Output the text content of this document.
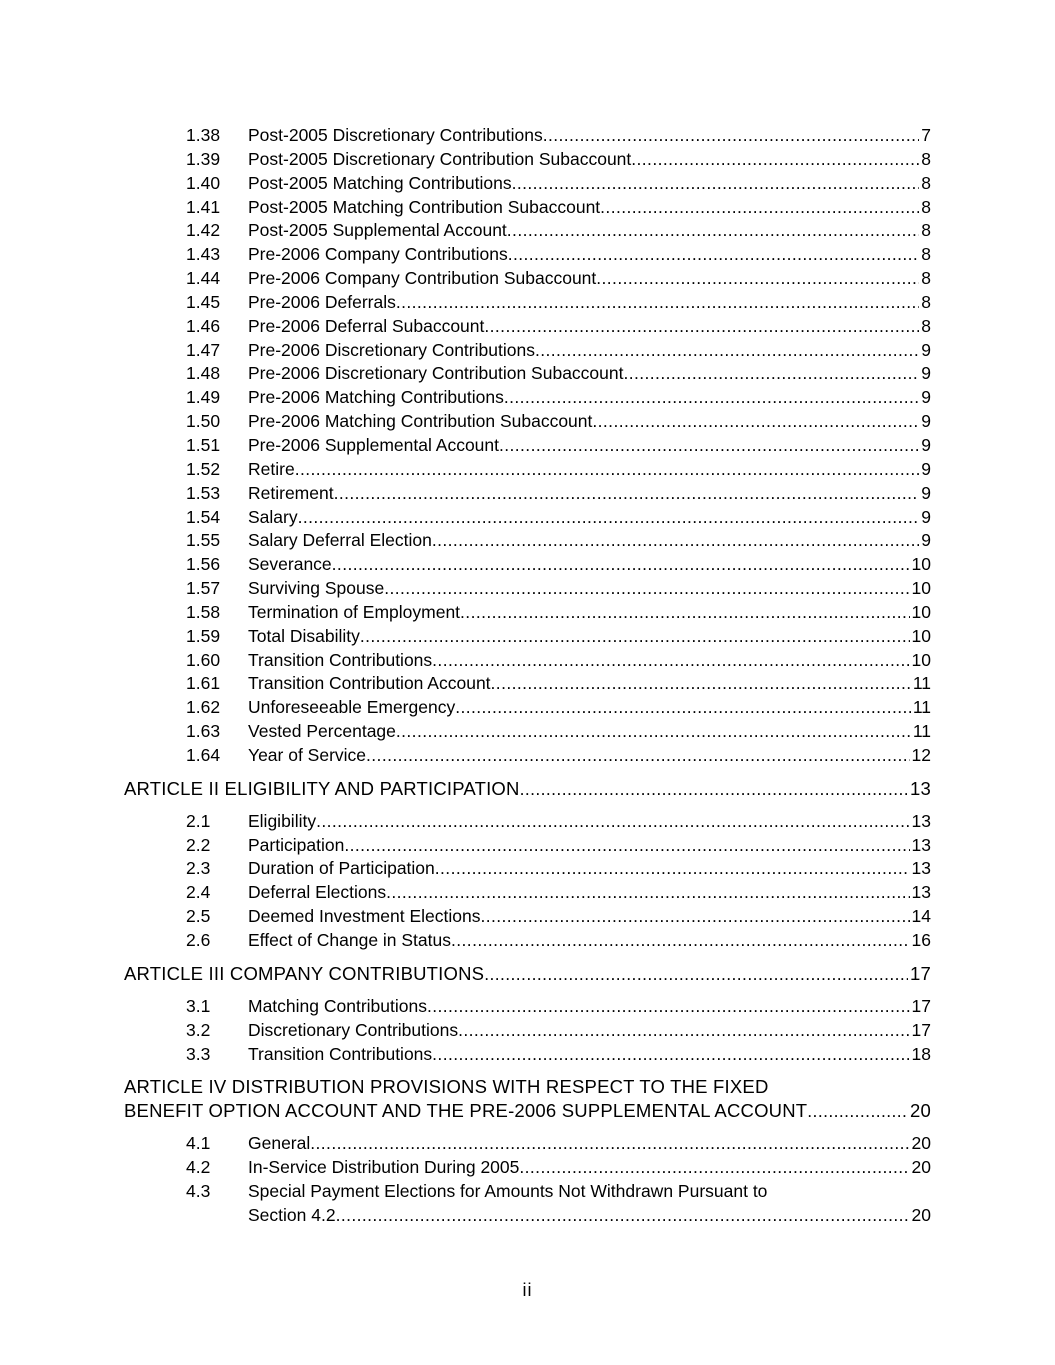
1.38 Post-2005 Discretionary Contributions .....	7
1.39 Post-2005 Discretionary Contribution Subaccount .....	8
1.40 Post-2005 Matching Contributions .....	8
1.41 Post-2005 Matching Contribution Subaccount .....	8
1.42 Post-2005 Supplemental Account .....	8
1.43 Pre-2006 Company Contributions .....	8
1.44 Pre-2006 Company Contribution Subaccount .....	8
1.45 Pre-2006 Deferrals .....	8
1.46 Pre-2006 Deferral Subaccount .....	8
1.47 Pre-2006 Discretionary Contributions .....	9
1.48 Pre-2006 Discretionary Contribution Subaccount .....	9
1.49 Pre-2006 Matching Contributions .....	9
1.50 Pre-2006 Matching Contribution Subaccount .....	9
1.51 Pre-2006 Supplemental Account .....	9
1.52 Retire .....	9
1.53 Retirement .....	9
1.54 Salary .....	9
1.55 Salary Deferral Election .....	9
1.56 Severance .....	10
1.57 Surviving Spouse .....	10
1.58 Termination of Employment .....	10
1.59 Total Disability .....	10
1.60 Transition Contributions .....	10
1.61 Transition Contribution Account .....	11
1.62 Unforeseeable Emergency .....	11
1.63 Vested Percentage .....	11
1.64 Year of Service .....	12
ARTICLE II ELIGIBILITY AND PARTICIPATION .....	13
2.1 Eligibility .....	13
2.2 Participation .....	13
2.3 Duration of Participation .....	13
2.4 Deferral Elections .....	13
2.5 Deemed Investment Elections .....	14
2.6 Effect of Change in Status .....	16
ARTICLE III COMPANY CONTRIBUTIONS .....	17
3.1 Matching Contributions .....	17
3.2 Discretionary Contributions .....	17
3.3 Transition Contributions .....	18
ARTICLE IV DISTRIBUTION PROVISIONS WITH RESPECT TO THE FIXED
BENEFIT OPTION ACCOUNT AND THE PRE-2006 SUPPLEMENTAL ACCOUNT .....	20
4.1 General .....	20
4.2 In-Service Distribution During 2005 .....	20
4.3 Special Payment Elections for Amounts Not Withdrawn Pursuant to
Section 4.2 .....	20
ii
